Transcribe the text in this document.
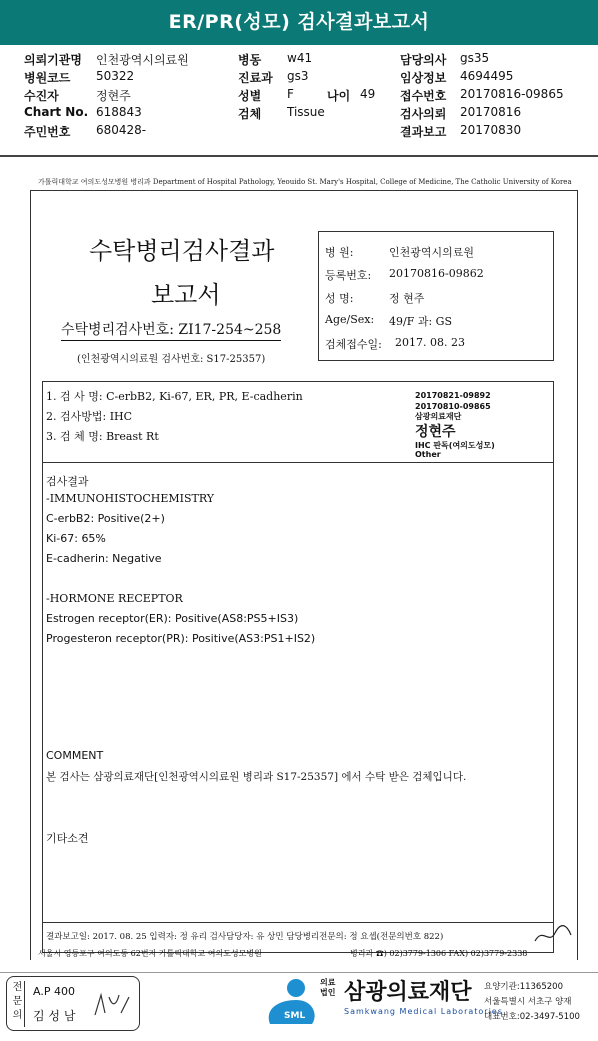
ER/PR(성모) 검사결과보고서
의뢰기관명 인천광역시의료원	병동 w41	담당의사 gs35
병원코드 50322	진료과 gs3	임상정보 4694495
수진자	정현주	성별 F	나이 49 접수번호 20170816-09865
Chart No. 618843	검체 Tissue	검사의뢰 20170816
주민번호 680428-	결과보고 20170830
가톨릭대학교 여의도성모병원 병리과 Department of Hospital Pathology, Yeouido St. Mary's Hospital, College of Medicine, The Catholic University of Korea
수탁병리검사결과
보고서
수탁병리검사번호: ZI17-254~258
(인천광역시의료원 검사번호: S17-25357)
병 원:	인천광역시의료원
등록번호: 20170816-09862
성 명:	정 현주
Age/Sex: 49/F 과: GS
검체접수일: 2017. 08. 23
1. 검 사 명: C-erbB2, Ki-67, ER, PR, E-cadherin
2. 검사방법: IHC
3. 검 체 명: Breast Rt
20170821-09892
20170810-09865
삼광의료재단
정현주
IHC 판독(여의도성모)
Other
검사결과
-IMMUNOHISTOCHEMISTRY
C-erbB2: Positive(2+)
Ki-67: 65%
E-cadherin: Negative
-HORMONE RECEPTOR
Estrogen receptor(ER): Positive(AS8:PS5+IS3)
Progesteron receptor(PR): Positive(AS3:PS1+IS2)
COMMENT
본 검사는 삼광의료재단[인천광역시의료원 병리과 S17-25357] 에서 수탁 받은 검체입니다.
기타소견
결과보고일: 2017. 08. 25 입력자: 정 유리 검사담당자: 유 상민 담당병리전문의: 정 요셉(전문의번호 822)
서울시 영등포구 여의도동 62번지 가톨릭대학교 여의도성모병원	병리과 ☎) 02)3779-1306 FAX) 02)3779-2338
전문의
A.P 400
김 성 남	SML
의료법인 삼광의료재단
Samkwang Medical Laboratories
요양기관:11365200
서울특별시 서초구 양재
대표번호:02-3497-5100
